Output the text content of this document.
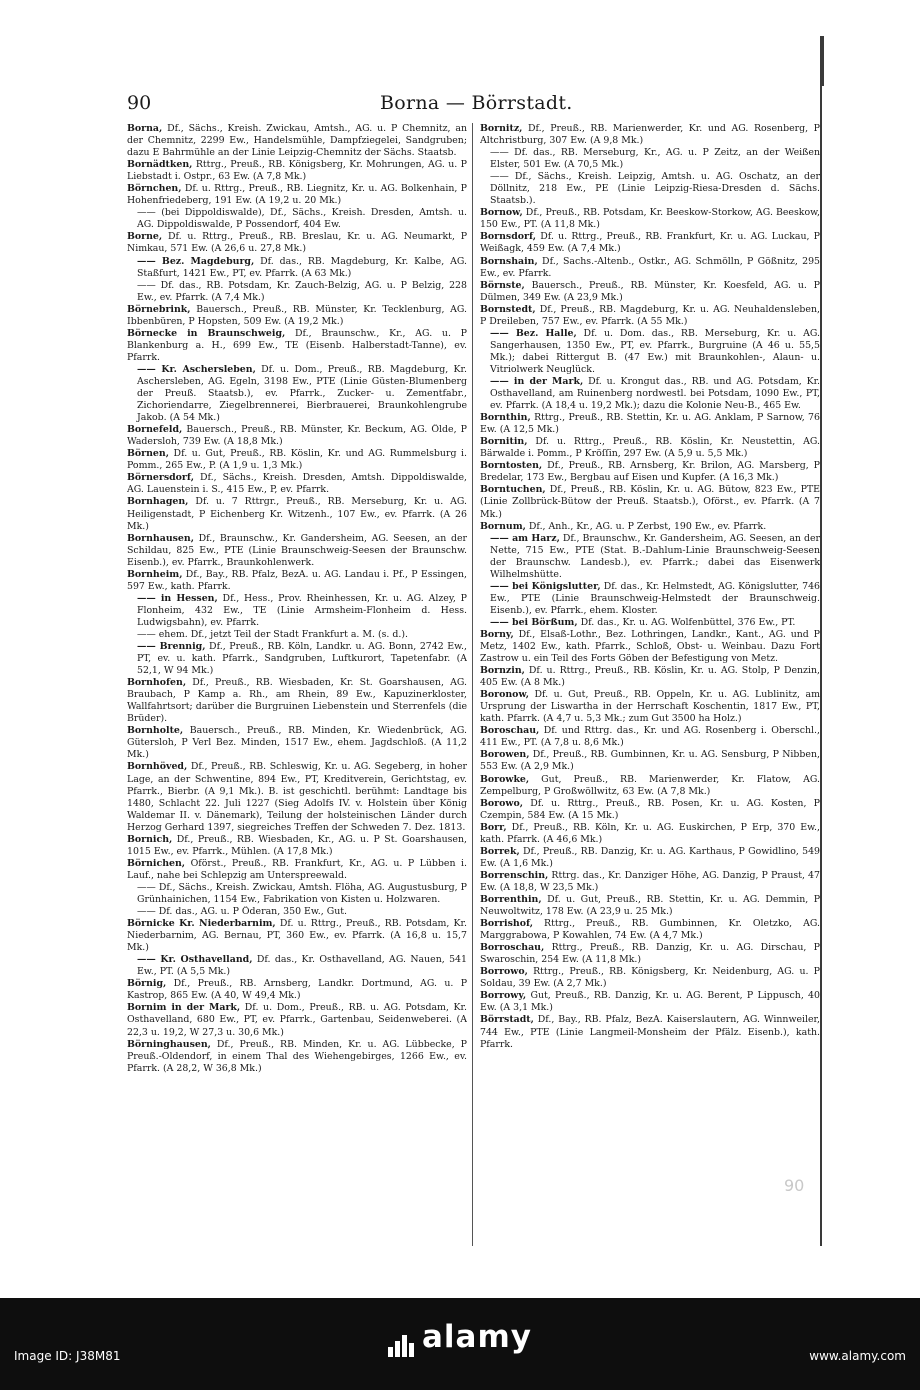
90	Borna — Börrstadt.

Borna, Df., Sächs., Kreish. Zwickau, Amtsh., AG. u. P Chemnitz, an der Chemnitz, 2299 Ew., Handelsmühle, Dampfziegelei, Sandgruben; dazu E Bahrmühle an der Linie Leipzig-Chemnitz der Sächs. Staatsb.

Bornädtken, Rttrg., Preuß., RB. Königsberg, Kr. Mohrungen, AG. u. P Liebstadt i. Ostpr., 63 Ew. (A 7,8 Mk.)

Börnchen, Df. u. Rttrg., Preuß., RB. Liegnitz, Kr. u. AG. Bolkenhain, P Hohenfriedeberg, 191 Ew. (A 19,2 u. 20 Mk.)

—— (bei Dippoldiswalde), Df., Sächs., Kreish. Dresden, Amtsh. u. AG. Dippoldiswalde, P Possendorf, 404 Ew.

Borne, Df. u. Rttrg., Preuß., RB. Breslau, Kr. u. AG. Neumarkt, P Nimkau, 571 Ew. (A 26,6 u. 27,8 Mk.)

—— Bez. Magdeburg, Df. das., RB. Magdeburg, Kr. Kalbe, AG. Staßfurt, 1421 Ew., PT, ev. Pfarrk. (A 63 Mk.)

—— Df. das., RB. Potsdam, Kr. Zauch-Belzig, AG. u. P Belzig, 228 Ew., ev. Pfarrk. (A 7,4 Mk.)

Börnebrink, Bauersch., Preuß., RB. Münster, Kr. Tecklenburg, AG. Ibbenbüren, P Hopsten, 509 Ew. (A 19,2 Mk.)

Börnecke in Braunschweig, Df., Braunschw., Kr., AG. u. P Blankenburg a. H., 699 Ew., TE (Eisenb. Halberstadt-Tanne), ev. Pfarrk.

—— Kr. Aschersleben, Df. u. Dom., Preuß., RB. Magdeburg, Kr. Aschersleben, AG. Egeln, 3198 Ew., PTE (Linie Güsten-Blumenberg der Preuß. Staatsb.), ev. Pfarrk., Zucker- u. Zementfabr., Zichoriendarre, Ziegelbrennerei, Bierbrauerei, Braunkohlengrube Jakob. (A 54 Mk.)

Bornefeld, Bauersch., Preuß., RB. Münster, Kr. Beckum, AG. Ölde, P Wadersloh, 739 Ew. (A 18,8 Mk.)

Börnen, Df. u. Gut, Preuß., RB. Köslin, Kr. und AG. Rummelsburg i. Pomm., 265 Ew., P. (A 1,9 u. 1,3 Mk.)

Börnersdorf, Df., Sächs., Kreish. Dresden, Amtsh. Dippoldiswalde, AG. Lauenstein i. S., 415 Ew., P, ev. Pfarrk.

Bornhagen, Df. u. 7 Rttrgr., Preuß., RB. Merseburg, Kr. u. AG. Heiligenstadt, P Eichenberg Kr. Witzenh., 107 Ew., ev. Pfarrk. (A 26 Mk.)

Bornhausen, Df., Braunschw., Kr. Gandersheim, AG. Seesen, an der Schildau, 825 Ew., PTE (Linie Braunschweig-Seesen der Braunschw. Eisenb.), ev. Pfarrk., Braunkohlenwerk.

Bornheim, Df., Bay., RB. Pfalz, BezA. u. AG. Landau i. Pf., P Essingen, 597 Ew., kath. Pfarrk.

—— in Hessen, Df., Hess., Prov. Rheinhessen, Kr. u. AG. Alzey, P Flonheim, 432 Ew., TE (Linie Armsheim-Flonheim d. Hess. Ludwigsbahn), ev. Pfarrk.

—— ehem. Df., jetzt Teil der Stadt Frankfurt a. M. (s. d.).

—— Brennig, Df., Preuß., RB. Köln, Landkr. u. AG. Bonn, 2742 Ew., PT, ev. u. kath. Pfarrk., Sandgruben, Luftkurort, Tapetenfabr. (A 52,1, W 94 Mk.)

Bornhofen, Df., Preuß., RB. Wiesbaden, Kr. St. Goarshausen, AG. Braubach, P Kamp a. Rh., am Rhein, 89 Ew., Kapuzinerkloster, Wallfahrtsort; darüber die Burgruinen Liebenstein und Sterrenfels (die Brüder).

Bornholte, Bauersch., Preuß., RB. Minden, Kr. Wiedenbrück, AG. Gütersloh, P Verl Bez. Minden, 1517 Ew., ehem. Jagdschloß. (A 11,2 Mk.)

Bornhöved, Df., Preuß., RB. Schleswig, Kr. u. AG. Segeberg, in hoher Lage, an der Schwentine, 894 Ew., PT, Kreditverein, Gerichtstag, ev. Pfarrk., Bierbr. (A 9,1 Mk.). B. ist geschichtl. berühmt: Landtage bis 1480, Schlacht 22. Juli 1227 (Sieg Adolfs IV. v. Holstein über König Waldemar II. v. Dänemark), Teilung der holsteinischen Länder durch Herzog Gerhard 1397, siegreiches Treffen der Schweden 7. Dez. 1813.

Bornich, Df., Preuß., RB. Wiesbaden, Kr., AG. u. P St. Goarshausen, 1015 Ew., ev. Pfarrk., Mühlen. (A 17,8 Mk.)

Börnichen, Oförst., Preuß., RB. Frankfurt, Kr., AG. u. P Lübben i. Lauf., nahe bei Schlepzig am Unterspreewald.

—— Df., Sächs., Kreish. Zwickau, Amtsh. Flöha, AG. Augustusburg, P Grünhainichen, 1154 Ew., Fabrikation von Kisten u. Holzwaren.

—— Df. das., AG. u. P Öderan, 350 Ew., Gut.

Börnicke Kr. Niederbarnim, Df. u. Rttrg., Preuß., RB. Potsdam, Kr. Niederbarnim, AG. Bernau, PT, 360 Ew., ev. Pfarrk. (A 16,8 u. 15,7 Mk.)

—— Kr. Osthavelland, Df. das., Kr. Osthavelland, AG. Nauen, 541 Ew., PT. (A 5,5 Mk.)

Börnig, Df., Preuß., RB. Arnsberg, Landkr. Dortmund, AG. u. P Kastrop, 865 Ew. (A 40, W 49,4 Mk.)

Bornim in der Mark, Df. u. Dom., Preuß., RB. u. AG. Potsdam, Kr. Osthavelland, 680 Ew., PT, ev. Pfarrk., Gartenbau, Seidenweberei. (A 22,3 u. 19,2, W 27,3 u. 30,6 Mk.)

Börninghausen, Df., Preuß., RB. Minden, Kr. u. AG. Lübbecke, P Preuß.-Oldendorf, in einem Thal des Wiehengebirges, 1266 Ew., ev. Pfarrk. (A 28,2, W 36,8 Mk.)

Bornitz, Df., Preuß., RB. Marienwerder, Kr. und AG. Rosenberg, P Altchristburg, 307 Ew. (A 9,8 Mk.)

—— Df. das., RB. Merseburg, Kr., AG. u. P Zeitz, an der Weißen Elster, 501 Ew. (A 70,5 Mk.)

—— Df., Sächs., Kreish. Leipzig, Amtsh. u. AG. Oschatz, an der Döllnitz, 218 Ew., PE (Linie Leipzig-Riesa-Dresden d. Sächs. Staatsb.).

Bornow, Df., Preuß., RB. Potsdam, Kr. Beeskow-Storkow, AG. Beeskow, 150 Ew., PT. (A 11,8 Mk.)

Bornsdorf, Df. u. Rttrg., Preuß., RB. Frankfurt, Kr. u. AG. Luckau, P Weißagk, 459 Ew. (A 7,4 Mk.)

Bornshain, Df., Sachs.-Altenb., Ostkr., AG. Schmölln, P Gößnitz, 295 Ew., ev. Pfarrk.

Börnste, Bauersch., Preuß., RB. Münster, Kr. Koesfeld, AG. u. P Dülmen, 349 Ew. (A 23,9 Mk.)

Bornstedt, Df., Preuß., RB. Magdeburg, Kr. u. AG. Neuhaldensleben, P Dreileben, 757 Ew., ev. Pfarrk. (A 55 Mk.)

—— Bez. Halle, Df. u. Dom. das., RB. Merseburg, Kr. u. AG. Sangerhausen, 1350 Ew., PT, ev. Pfarrk., Burgruine (A 46 u. 55,5 Mk.); dabei Rittergut B. (47 Ew.) mit Braunkohlen-, Alaun- u. Vitriolwerk Neuglück.

—— in der Mark, Df. u. Krongut das., RB. und AG. Potsdam, Kr. Osthavelland, am Ruinenberg nordwestl. bei Potsdam, 1090 Ew., PT, ev. Pfarrk. (A 18,4 u. 19,2 Mk.); dazu die Kolonie Neu-B., 465 Ew.

Bornthin, Rttrg., Preuß., RB. Stettin, Kr. u. AG. Anklam, P Sarnow, 76 Ew. (A 12,5 Mk.)

Bornitin, Df. u. Rttrg., Preuß., RB. Köslin, Kr. Neustettin, AG. Bärwalde i. Pomm., P Kröſſin, 297 Ew. (A 5,9 u. 5,5 Mk.)

Borntosten, Df., Preuß., RB. Arnsberg, Kr. Brilon, AG. Marsberg, P Bredelar, 173 Ew., Bergbau auf Eisen und Kupfer. (A 16,3 Mk.)

Borntuchen, Df., Preuß., RB. Köslin, Kr. u. AG. Bütow, 823 Ew., PTE (Linie Zollbrück-Bütow der Preuß. Staatsb.), Oförst., ev. Pfarrk. (A 7 Mk.)

Bornum, Df., Anh., Kr., AG. u. P Zerbst, 190 Ew., ev. Pfarrk.

—— am Harz, Df., Braunschw., Kr. Gandersheim, AG. Seesen, an der Nette, 715 Ew., PTE (Stat. B.-Dahlum-Linie Braunschweig-Seesen der Braunschw. Landesb.), ev. Pfarrk.; dabei das Eisenwerk Wilhelmshütte.

—— bei Königslutter, Df. das., Kr. Helmstedt, AG. Königslutter, 746 Ew., PTE (Linie Braunschweig-Helmstedt der Braunschweig. Eisenb.), ev. Pfarrk., ehem. Kloster.

—— bei Börßum, Df. das., Kr. u. AG. Wolfenbüttel, 376 Ew., PT.

Borny, Df., Elsaß-Lothr., Bez. Lothringen, Landkr., Kant., AG. und P Metz, 1402 Ew., kath. Pfarrk., Schloß, Obst- u. Weinbau. Dazu Fort Zastrow u. ein Teil des Forts Göben der Befestigung von Metz.

Bornzin, Df. u. Rttrg., Preuß., RB. Köslin, Kr. u. AG. Stolp, P Denzin, 405 Ew. (A 8 Mk.)

Boronow, Df. u. Gut, Preuß., RB. Oppeln, Kr. u. AG. Lublinitz, am Ursprung der Liswartha in der Herrschaft Koschentin, 1817 Ew., PT, kath. Pfarrk. (A 4,7 u. 5,3 Mk.; zum Gut 3500 ha Holz.)

Boroschau, Df. und Rttrg. das., Kr. und AG. Rosenberg i. Oberschl., 411 Ew., PT. (A 7,8 u. 8,6 Mk.)

Borowen, Df., Preuß., RB. Gumbinnen, Kr. u. AG. Sensburg, P Nibben, 553 Ew. (A 2,9 Mk.)

Borowke, Gut, Preuß., RB. Marienwerder, Kr. Flatow, AG. Zempelburg, P Großwöllwitz, 63 Ew. (A 7,8 Mk.)

Borowo, Df. u. Rttrg., Preuß., RB. Posen, Kr. u. AG. Kosten, P Czempin, 584 Ew. (A 15 Mk.)

Borr, Df., Preuß., RB. Köln, Kr. u. AG. Euskirchen, P Erp, 370 Ew., kath. Pfarrk. (A 46,6 Mk.)

Borrek, Df., Preuß., RB. Danzig, Kr. u. AG. Karthaus, P Gowidlino, 549 Ew. (A 1,6 Mk.)

Borrenschin, Rttrg. das., Kr. Danziger Höhe, AG. Danzig, P Praust, 47 Ew. (A 18,8, W 23,5 Mk.)

Borrenthin, Df. u. Gut, Preuß., RB. Stettin, Kr. u. AG. Demmin, P Neuwoltwitz, 178 Ew. (A 23,9 u. 25 Mk.)

Borrishof, Rttrg., Preuß., RB. Gumbinnen, Kr. Oletzko, AG. Marggrabowa, P Kowahlen, 74 Ew. (A 4,7 Mk.)

Borroschau, Rttrg., Preuß., RB. Danzig, Kr. u. AG. Dirschau, P Swaroschin, 254 Ew. (A 11,8 Mk.)

Borrowo, Rttrg., Preuß., RB. Königsberg, Kr. Neidenburg, AG. u. P Soldau, 39 Ew. (A 2,7 Mk.)

Borrowy, Gut, Preuß., RB. Danzig, Kr. u. AG. Berent, P Lippusch, 40 Ew. (A 3,1 Mk.)

Börrstadt, Df., Bay., RB. Pfalz, BezA. Kaiserslautern, AG. Winnweiler, 744 Ew., PTE (Linie Langmeil-Monsheim der Pfälz. Eisenb.), kath. Pfarrk.

90
alamy
Image ID: J38M81	www.alamy.com
